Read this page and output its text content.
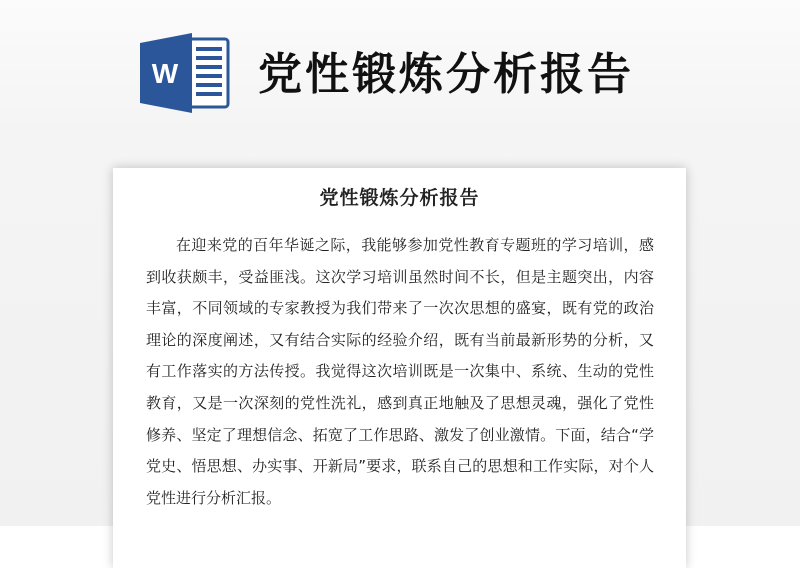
W 党性锻炼分析报告
党性锻炼分析报告

在迎来党的百年华诞之际，我能够参加党性教育专题班的学习培训，感到收获颇丰，受益匪浅。这次学习培训虽然时间不长，但是主题突出，内容丰富，不同领域的专家教授为我们带来了一次次思想的盛宴，既有党的政治理论的深度阐述，又有结合实际的经验介绍，既有当前最新形势的分析，又有工作落实的方法传授。我觉得这次培训既是一次集中、系统、生动的党性教育，又是一次深刻的党性洗礼，感到真正地触及了思想灵魂，强化了党性修养、坚定了理想信念、拓宽了工作思路、激发了创业激情。下面，结合“学党史、悟思想、办实事、开新局”要求，联系自己的思想和工作实际，对个人党性进行分析汇报。
